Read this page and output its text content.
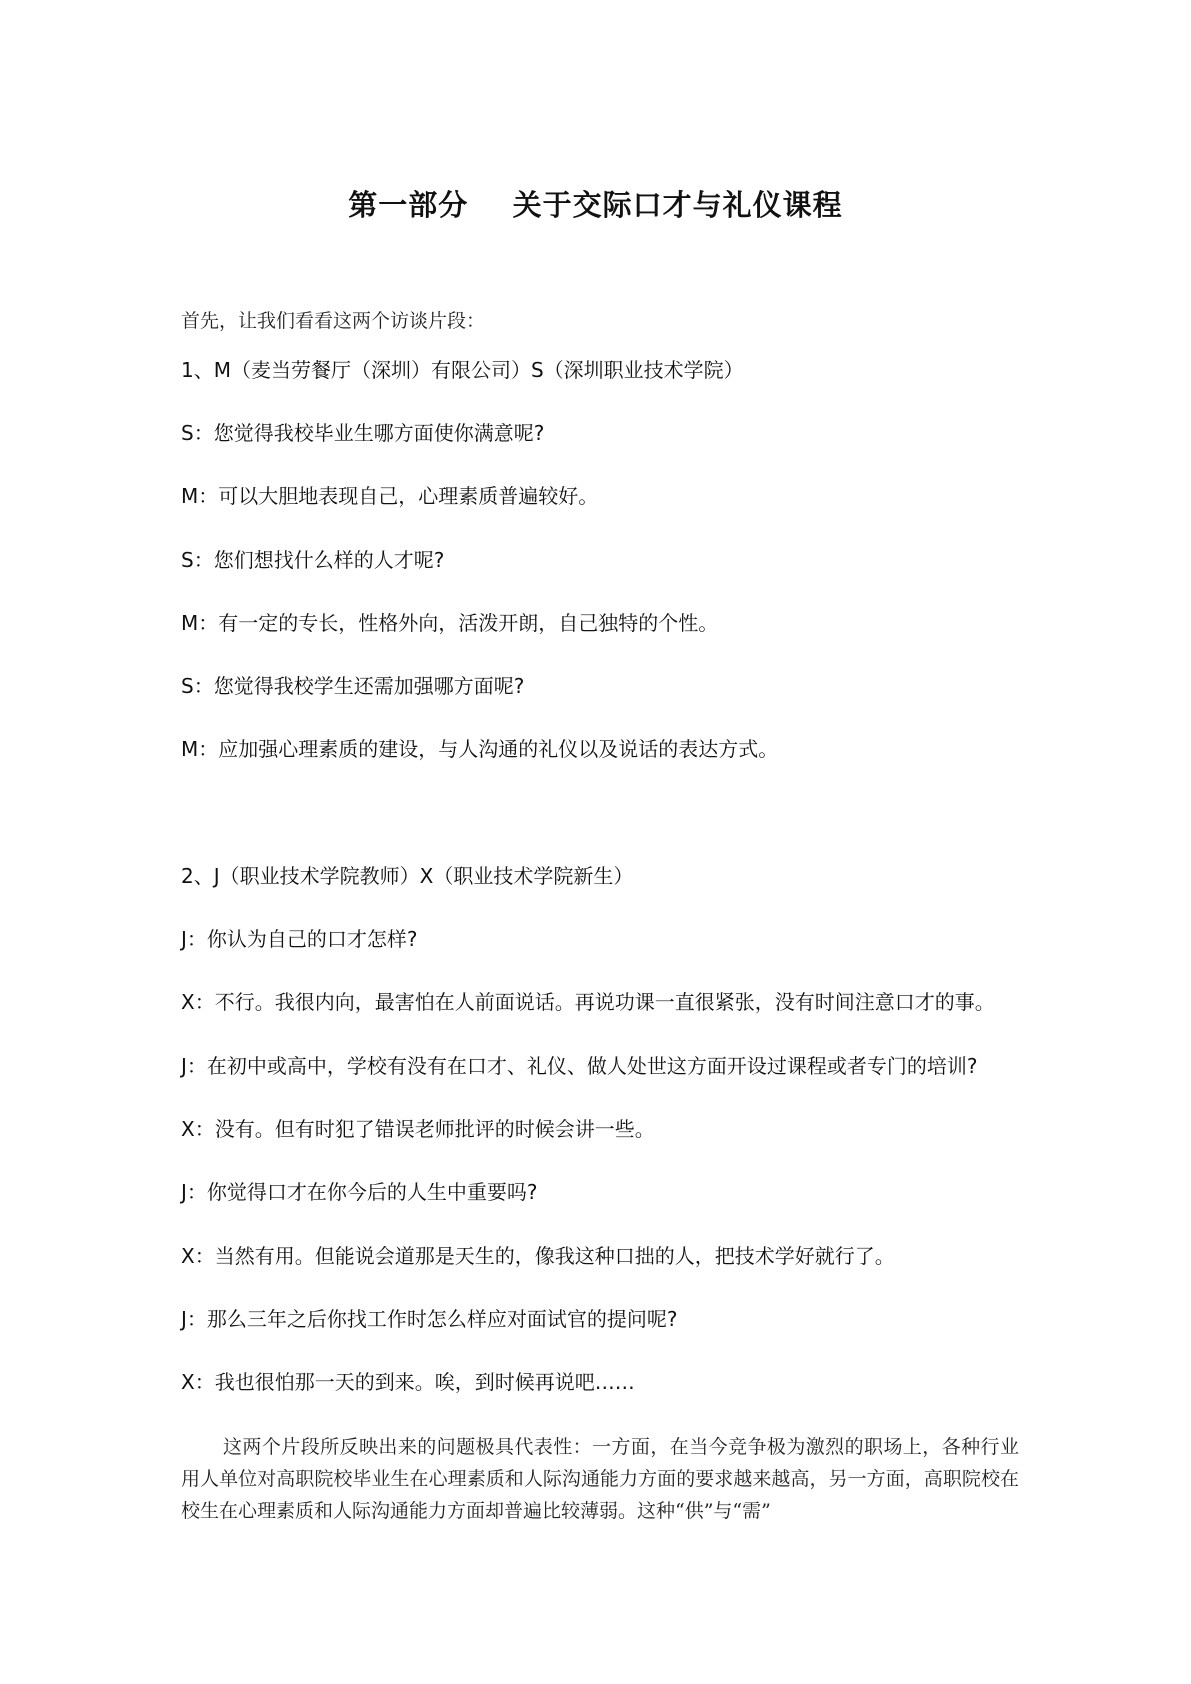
第一部分    关于交际口才与礼仪课程
首先，让我们看看这两个访谈片段：
1、M（麦当劳餐厅（深圳）有限公司）S（深圳职业技术学院）
S：您觉得我校毕业生哪方面使你满意呢?
M：可以大胆地表现自己，心理素质普遍较好。
S：您们想找什么样的人才呢?
M：有一定的专长，性格外向，活泼开朗，自己独特的个性。
S：您觉得我校学生还需加强哪方面呢?
M：应加强心理素质的建设，与人沟通的礼仪以及说话的表达方式。
2、J（职业技术学院教师）X（职业技术学院新生）
J：你认为自己的口才怎样?
X：不行。我很内向，最害怕在人前面说话。再说功课一直很紧张，没有时间注意口才的事。
J：在初中或高中，学校有没有在口才、礼仪、做人处世这方面开设过课程或者专门的培训?
X：没有。但有时犯了错误老师批评的时候会讲一些。
J：你觉得口才在你今后的人生中重要吗?
X：当然有用。但能说会道那是天生的，像我这种口拙的人，把技术学好就行了。
J：那么三年之后你找工作时怎么样应对面试官的提问呢?
X：我也很怕那一天的到来。唉，到时候再说吧……
这两个片段所反映出来的问题极具代表性：一方面，在当今竞争极为激烈的职场上，各种行业用人单位对高职院校毕业生在心理素质和人际沟通能力方面的要求越来越高，另一方面，高职院校在校生在心理素质和人际沟通能力方面却普遍比较薄弱。这种“供”与“需”
